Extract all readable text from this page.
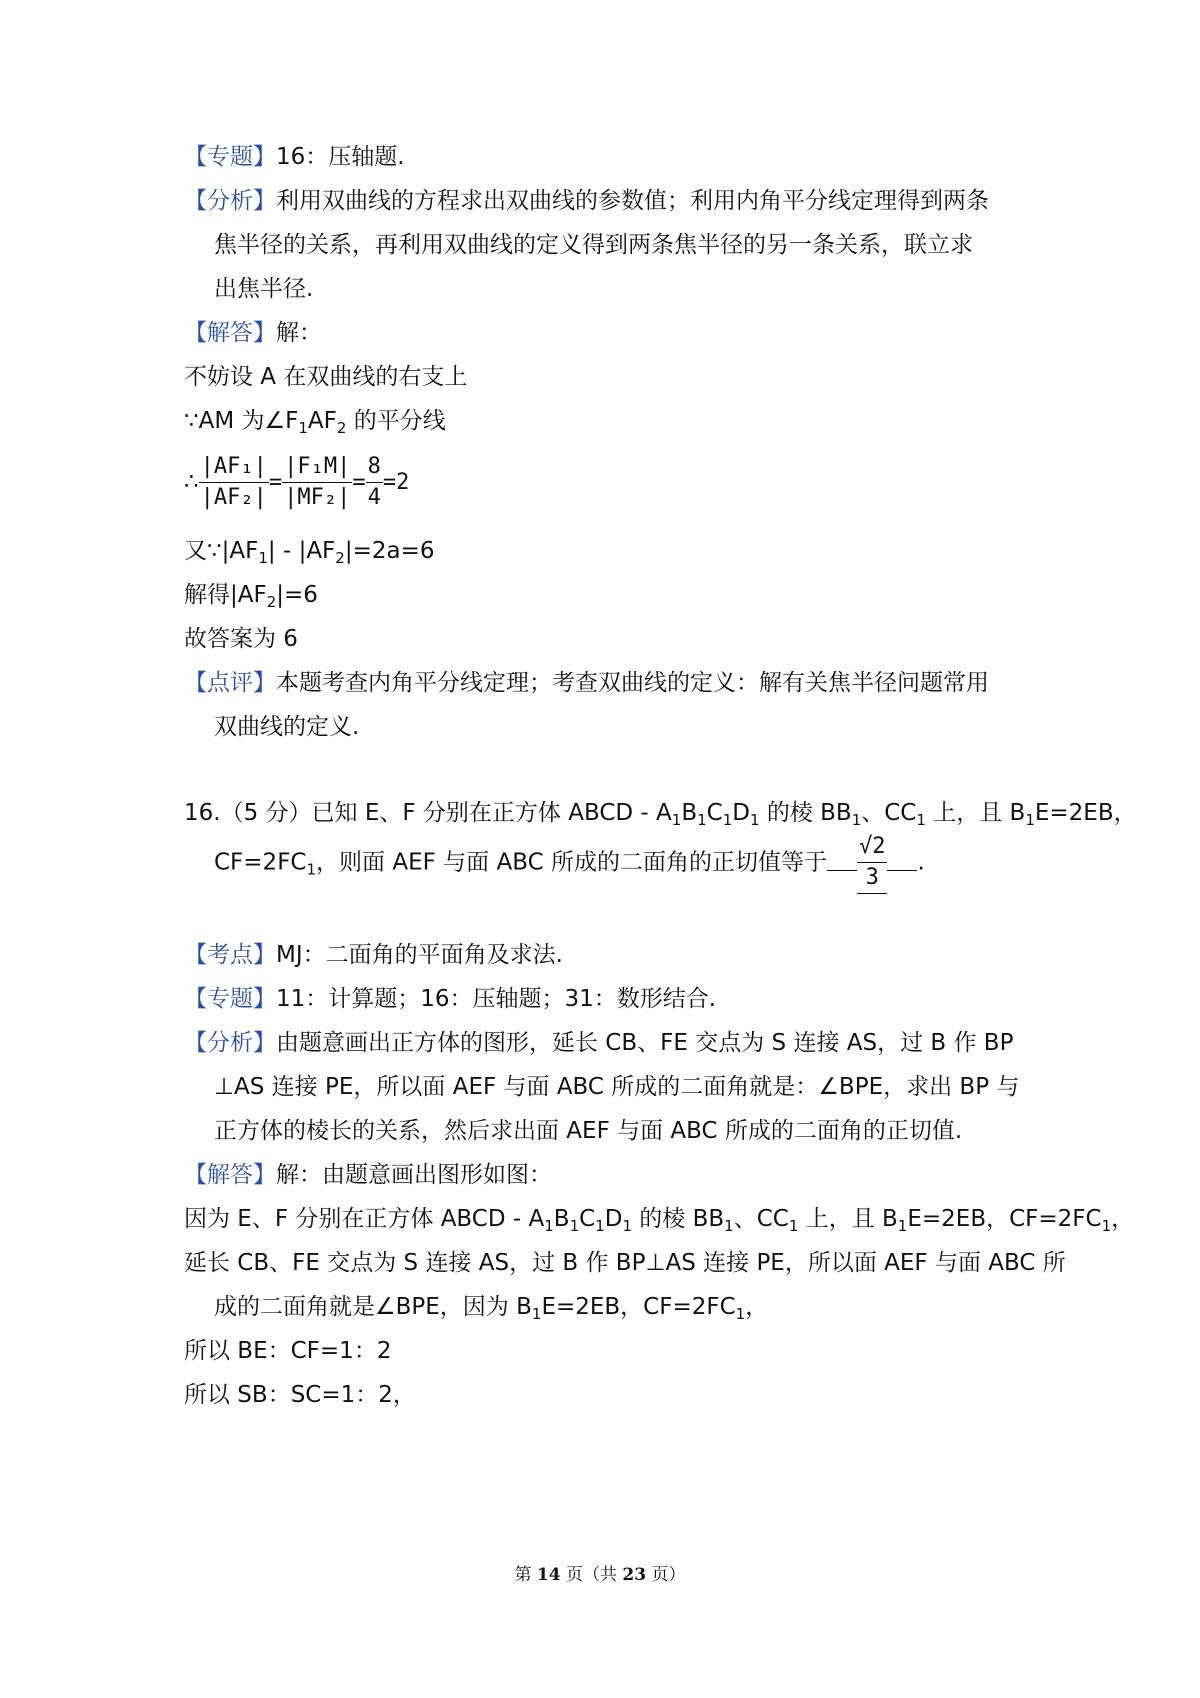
【专题】16：压轴题.
【分析】利用双曲线的方程求出双曲线的参数值；利用内角平分线定理得到两条
焦半径的关系，再利用双曲线的定义得到两条焦半径的另一条关系，联立求
出焦半径.
【解答】解：
不妨设 A 在双曲线的右支上
∵AM 为$\angle F_1AF_2$ 的平分线
∴ $\frac{\text{|AF₁|}}{\text{|AF₂|}} = \frac{\text{|F₁M|}}{\text{|MF₂|}} = \frac{8}{4} =2$
又$\because|AF_1| - |AF_2|=2a=6$
解得$|AF_2|=6$
故答案为 6
【点评】本题考查内角平分线定理；考查双曲线的定义：解有关焦半径问题常用
双曲线的定义.
16.（5 分）已知 E、F 分别在正方体 ABCD - $A_1B_1C_1D_1$ 的棱 $BB_1$、$CC_1$ 上，且 $B_1E=2EB$，
$CF=2FC_1$，则面 AEF 与面 ABC 所成的二面角的正切值等于 $\frac{√2}{3}$ .
【考点】MJ：二面角的平面角及求法.
【专题】11：计算题；16：压轴题；31：数形结合.
【分析】由题意画出正方体的图形，延长 CB、FE 交点为 S 连接 AS，过 B 作 BP
⊥AS 连接 PE，所以面 AEF 与面 ABC 所成的二面角就是：∠BPE，求出 BP 与
正方体的棱长的关系，然后求出面 AEF 与面 ABC 所成的二面角的正切值.
【解答】解：由题意画出图形如图：
因为 E、F 分别在正方体 ABCD - $A_1B_1C_1D_1$ 的棱 $BB_1$、$CC_1$ 上，且 $B_1E=2EB$，$CF=2FC_1$，
延长 CB、FE 交点为 S 连接 AS，过 B 作 BP⊥AS 连接 PE，所以面 AEF 与面 ABC 所
成的二面角就是∠BPE，因为 $B_1E=2EB$，$CF=2FC_1$，
所以 BE：CF=1：2
所以 SB：SC=1：2，
第 14 页（共 23 页）
